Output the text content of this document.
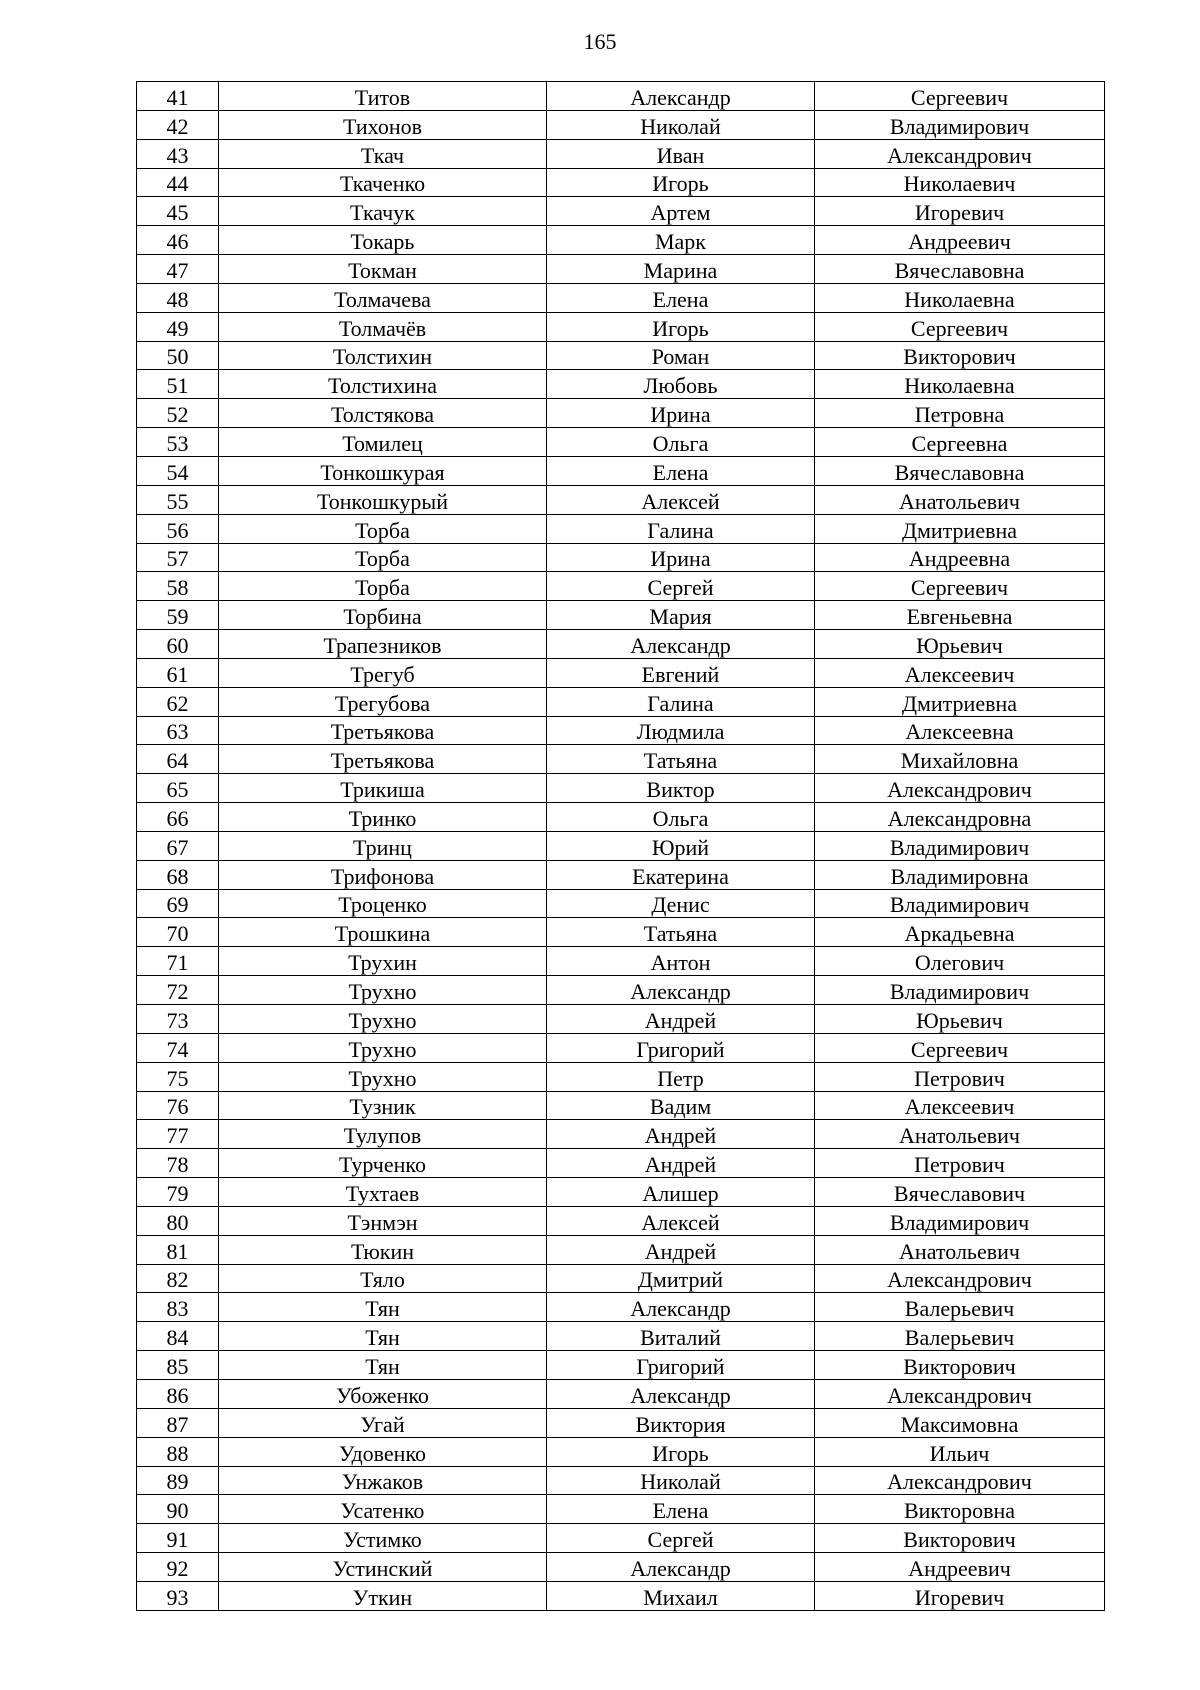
165
41	Титов	Александр	Сергеевич
42	Тихонов	Николай	Владимирович
43	Ткач	Иван	Александрович
44	Ткаченко	Игорь	Николаевич
45	Ткачук	Артем	Игоревич
46	Токарь	Марк	Андреевич
47	Токман	Марина	Вячеславовна
48	Толмачева	Елена	Николаевна
49	Толмачёв	Игорь	Сергеевич
50	Толстихин	Роман	Викторович
51	Толстихина	Любовь	Николаевна
52	Толстякова	Ирина	Петровна
53	Томилец	Ольга	Сергеевна
54	Тонкошкурая	Елена	Вячеславовна
55	Тонкошкурый	Алексей	Анатольевич
56	Торба	Галина	Дмитриевна
57	Торба	Ирина	Андреевна
58	Торба	Сергей	Сергеевич
59	Торбина	Мария	Евгеньевна
60	Трапезников	Александр	Юрьевич
61	Трегуб	Евгений	Алексеевич
62	Трегубова	Галина	Дмитриевна
63	Третьякова	Людмила	Алексеевна
64	Третьякова	Татьяна	Михайловна
65	Трикиша	Виктор	Александрович
66	Тринко	Ольга	Александровна
67	Тринц	Юрий	Владимирович
68	Трифонова	Екатерина	Владимировна
69	Троценко	Денис	Владимирович
70	Трошкина	Татьяна	Аркадьевна
71	Трухин	Антон	Олегович
72	Трухно	Александр	Владимирович
73	Трухно	Андрей	Юрьевич
74	Трухно	Григорий	Сергеевич
75	Трухно	Петр	Петрович
76	Тузник	Вадим	Алексеевич
77	Тулупов	Андрей	Анатольевич
78	Турченко	Андрей	Петрович
79	Тухтаев	Алишер	Вячеславович
80	Тэнмэн	Алексей	Владимирович
81	Тюкин	Андрей	Анатольевич
82	Тяло	Дмитрий	Александрович
83	Тян	Александр	Валерьевич
84	Тян	Виталий	Валерьевич
85	Тян	Григорий	Викторович
86	Убоженко	Александр	Александрович
87	Угай	Виктория	Максимовна
88	Удовенко	Игорь	Ильич
89	Унжаков	Николай	Александрович
90	Усатенко	Елена	Викторовна
91	Устимко	Сергей	Викторович
92	Устинский	Александр	Андреевич
93	Уткин	Михаил	Игоревич
